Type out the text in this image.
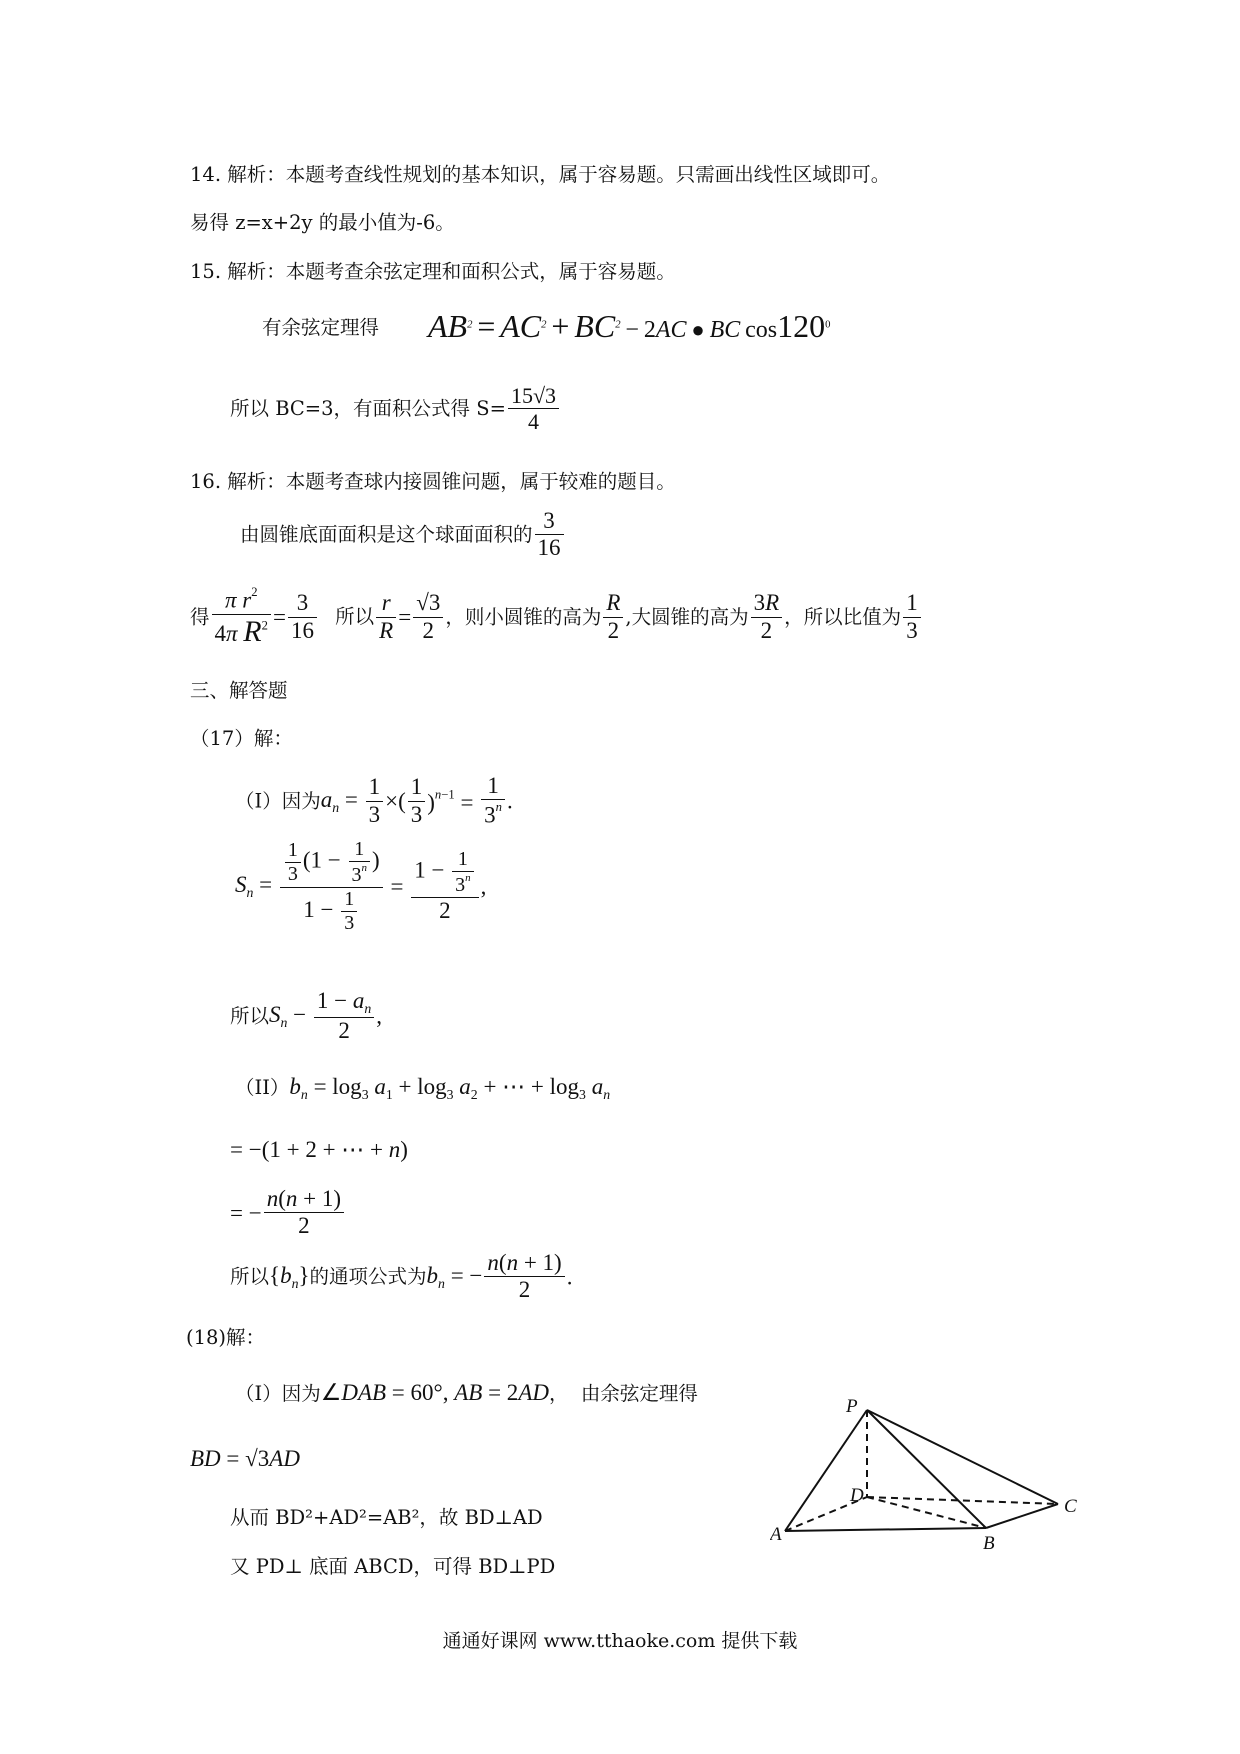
14. 解析：本题考查线性规划的基本知识，属于容易题。只需画出线性区域即可。
易得 z=x+2y 的最小值为-6。
15. 解析：本题考查余弦定理和面积公式，属于容易题。
有余弦定理得 $AB^2 = AC^2 + BC^2 - 2AC$ ● BC $\cos 120^0$
所以 BC=3，有面积公式得 $S= \frac{15√3}{4}$
16. 解析：本题考查球内接圆锥问题，属于较难的题目。
由圆锥底面面积是这个球面面积的 $\frac{3}{16}$
得 $\frac{\pi r^2}{4\pi R^2} = \frac{3}{16}$ 所以 $\frac{r}{R} = \frac{√3}{2}$ ，则小圆锥的高为 $\frac{R}{2}$ ,大圆锥的高为 $\frac{3R}{2}$ ，所以比值为 $\frac{1}{3}$
三、解答题
（17）解：
（I）因为$a_n = \frac{1}{3}$ ×( $\frac{1}{3} )^{n-1} = \frac{1}{3^n}$ .
$S_n = \frac{\frac{1}{3} (1 - \frac{1}{3^n} )}{1 - \frac{1}{3}} = \frac{1 - \frac{1}{3^n}}{2}$ ,
所以$S_n - \frac{1 - a_n}{2}$ ,
$(II)b_n = \log_3 a_1 + \log_3 a_2$ + ⋯ + $\log_3 a_n$
= −(1 + 2 + ⋯ + n)
= − $\frac{n(n + 1)}{2}$
所以$\{b_n\}$的通项公式为$b_n$ = − $\frac{n(n + 1)}{2}$ .
(18)解：
（I）因为∠DAB = 60°, AB = 2AD，  由余弦定理得
BD = √3AD
从而 BD²+AD²=AB²，故 BD⊥AD
又 PD⊥ 底面 ABCD，可得 BD⊥PD
P
D
A	B
C
通通好课网 www.tthaoke.com 提供下载
